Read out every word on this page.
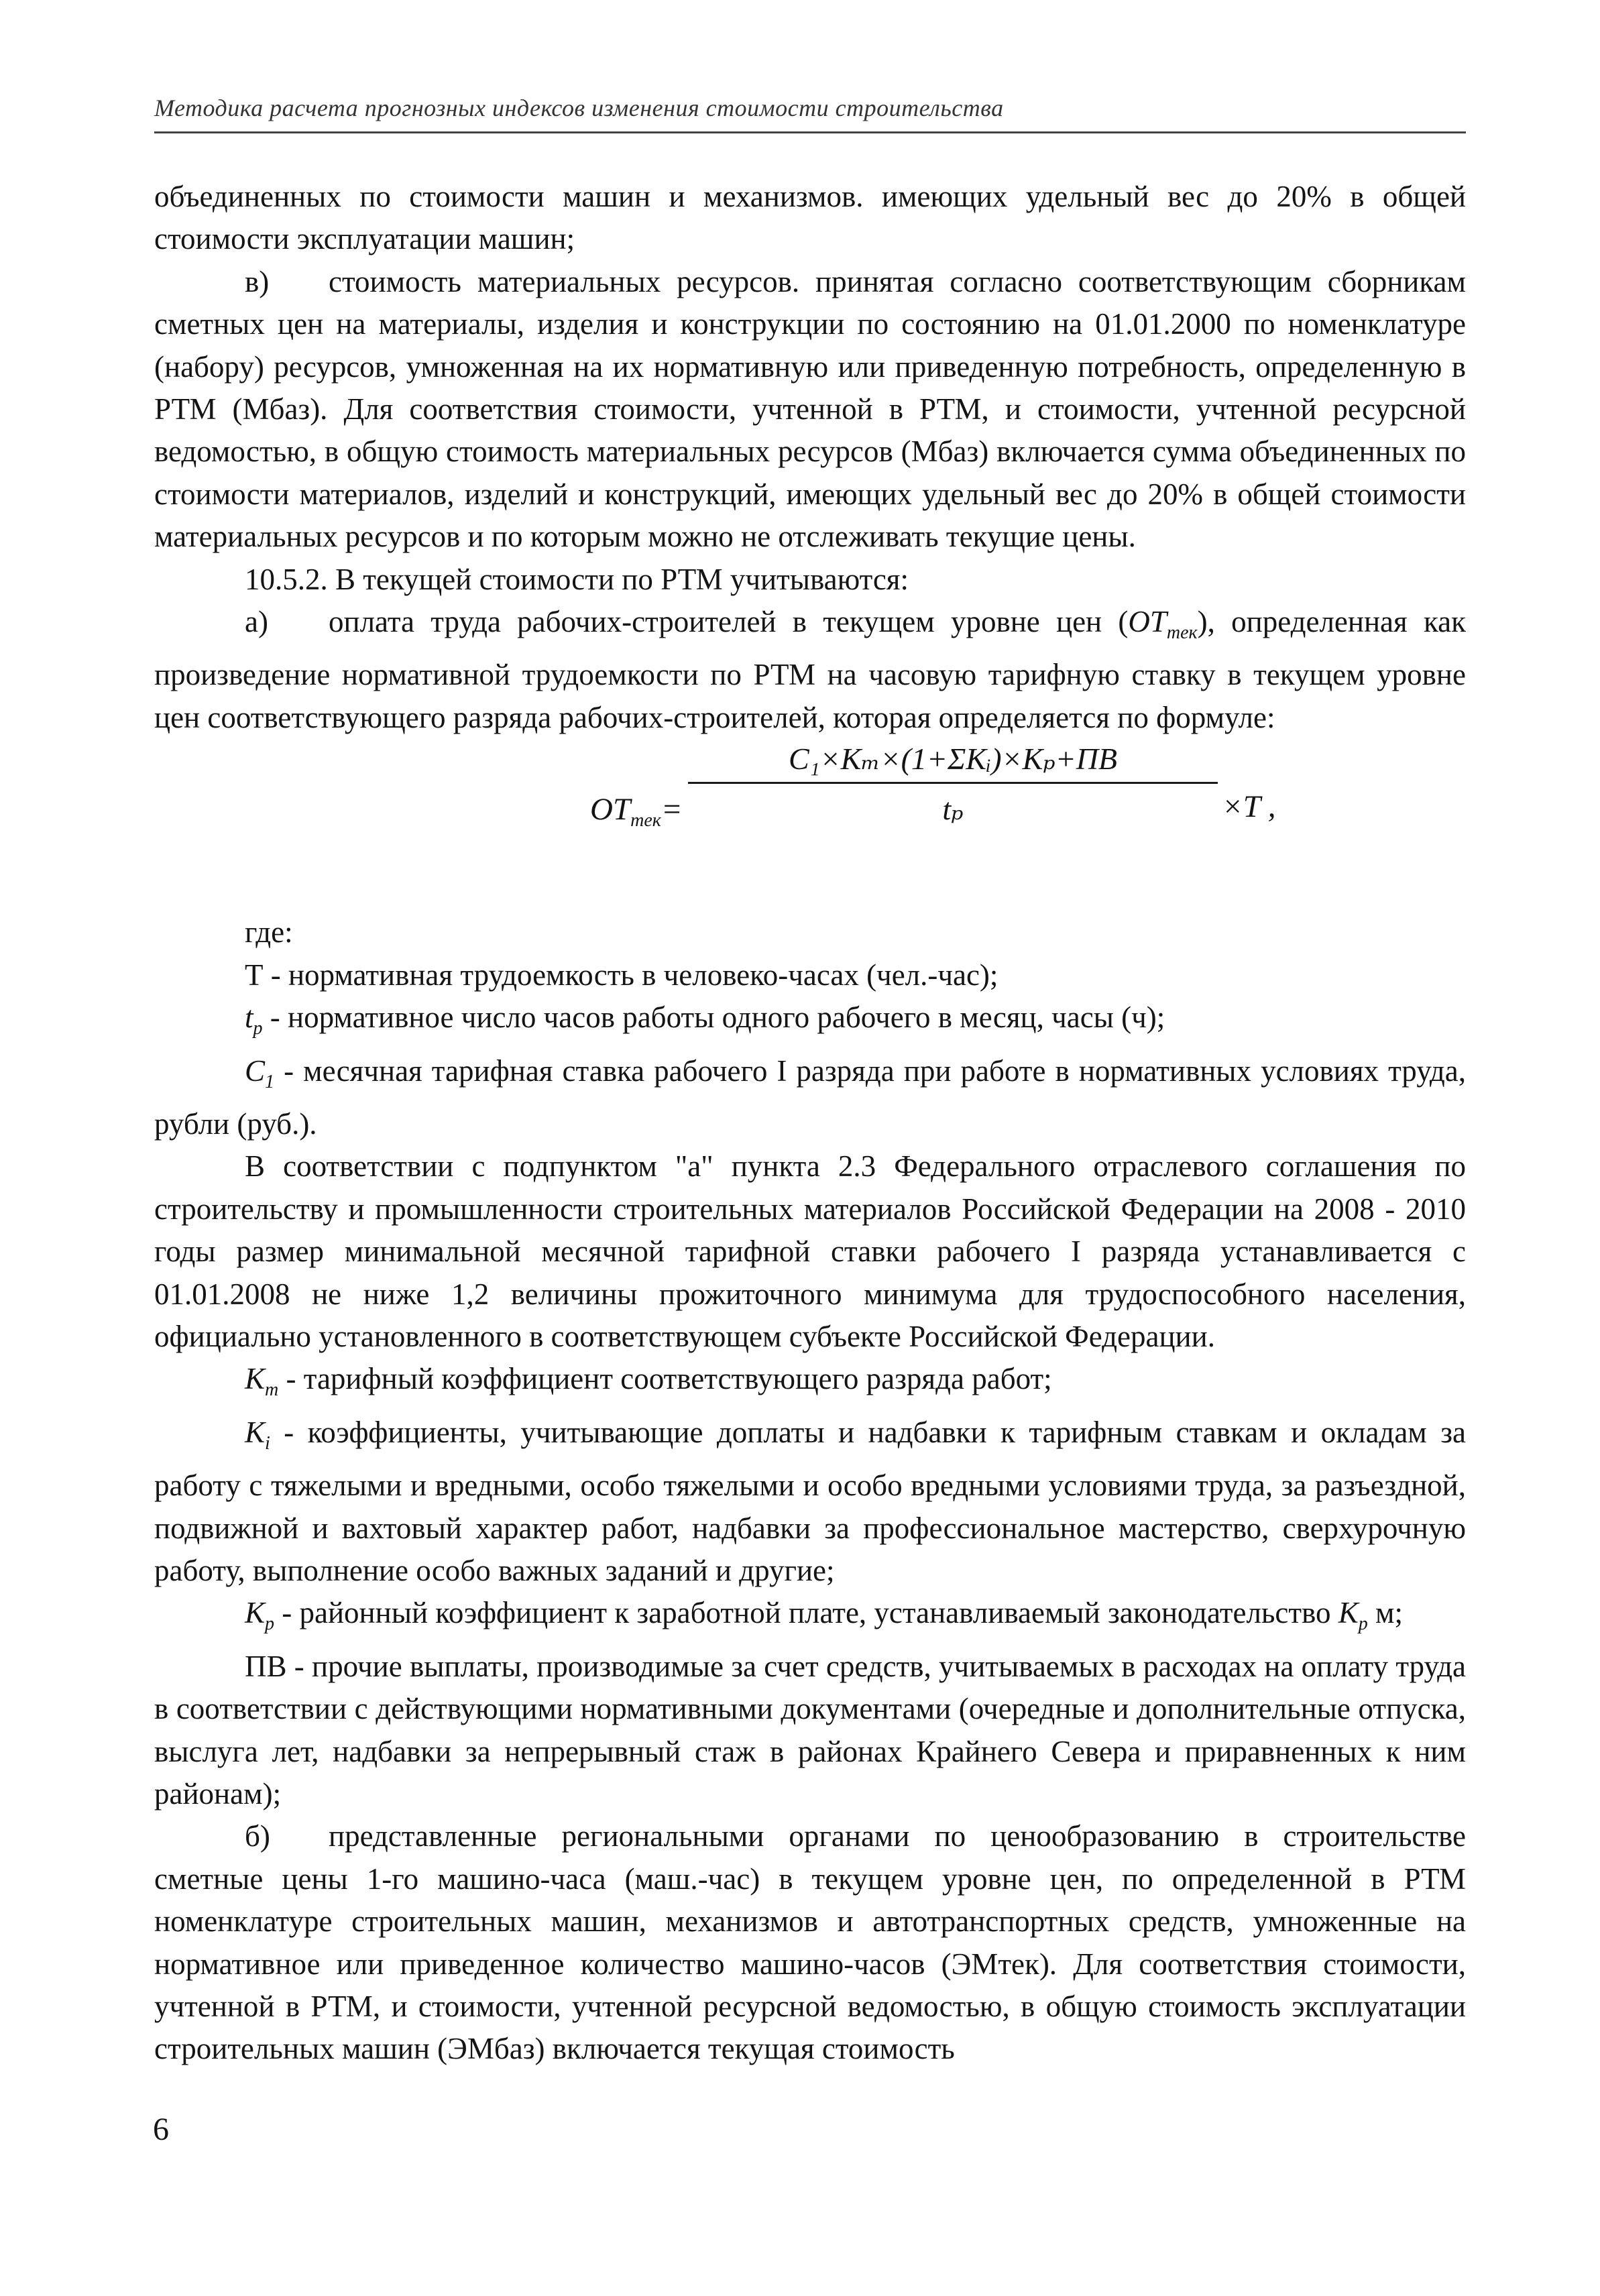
Методика расчета прогнозных индексов изменения стоимости строительства

объединенных по стоимости машин и механизмов. имеющих удельный вес до 20% в общей стоимости эксплуатации машин;

в) стоимость материальных ресурсов. принятая согласно соответствующим сборникам сметных цен на материалы, изделия и конструкции по состоянию на 01.01.2000 по номенклатуре (набору) ресурсов, умноженная на их нормативную или приведенную потребность, определенную в РТМ (Мбаз). Для соответствия стоимости, учтенной в РТМ, и стоимости, учтенной ресурсной ведомостью, в общую стоимость материальных ресурсов (Мбаз) включается сумма объединенных по стоимости материалов, изделий и конструкций, имеющих удельный вес до 20% в общей стоимости материальных ресурсов и по которым можно не отслеживать текущие цены.

10.5.2. В текущей стоимости по РТМ учитываются:

а) оплата труда рабочих-строителей в текущем уровне цен $(ОТ_{тек})$, определенная как произведение нормативной трудоемкости по РТМ на часовую тарифную ставку в текущем уровне цен соответствующего разряда рабочих-строителей, которая определяется по формуле:

$ОТ_{тек}=$
C₁×Kₘ×(1+ΣKᵢ)×Kₚ+ПВ
tₚ	×T ,

где:

Т - нормативная трудоемкость в человеко-часах (чел.-час);

$t_p$ - нормативное число часов работы одного рабочего в месяц, часы (ч);

$C_1$ - месячная тарифная ставка рабочего I разряда при работе в нормативных условиях труда, рубли (руб.).

В соответствии с подпунктом "а" пункта 2.3 Федерального отраслевого соглашения по строительству и промышленности строительных материалов Российской Федерации на 2008 - 2010 годы размер минимальной месячной тарифной ставки рабочего I разряда устанавливается с 01.01.2008 не ниже 1,2 величины прожиточного минимума для трудоспособного населения, официально установленного в соответствующем субъекте Российской Федерации.

$K_т$ - тарифный коэффициент соответствующего разряда работ;

$K_i$ - коэффициенты, учитывающие доплаты и надбавки к тарифным ставкам и окладам за работу с тяжелыми и вредными, особо тяжелыми и особо вредными условиями труда, за разъездной, подвижной и вахтовый характер работ, надбавки за профессиональное мастерство, сверхурочную работу, выполнение особо важных заданий и другие;

$K_p$ - районный коэффициент к заработной плате, устанавливаемый законодательство $K_p$ м;

ПВ - прочие выплаты, производимые за счет средств, учитываемых в расходах на оплату труда в соответствии с действующими нормативными документами (очередные и дополнительные отпуска, выслуга лет, надбавки за непрерывный стаж в районах Крайнего Севера и приравненных к ним районам);

б) представленные региональными органами по ценообразованию в строительстве сметные цены 1-го машино-часа (маш.-час) в текущем уровне цен, по определенной в РТМ номенклатуре строительных машин, механизмов и автотранспортных средств, умноженные на нормативное или приведенное количество машино-часов (ЭМтек). Для соответствия стоимости, учтенной в РТМ, и стоимости, учтенной ресурсной ведомостью, в общую стоимость эксплуатации строительных машин (ЭМбаз) включается текущая стоимость

6
